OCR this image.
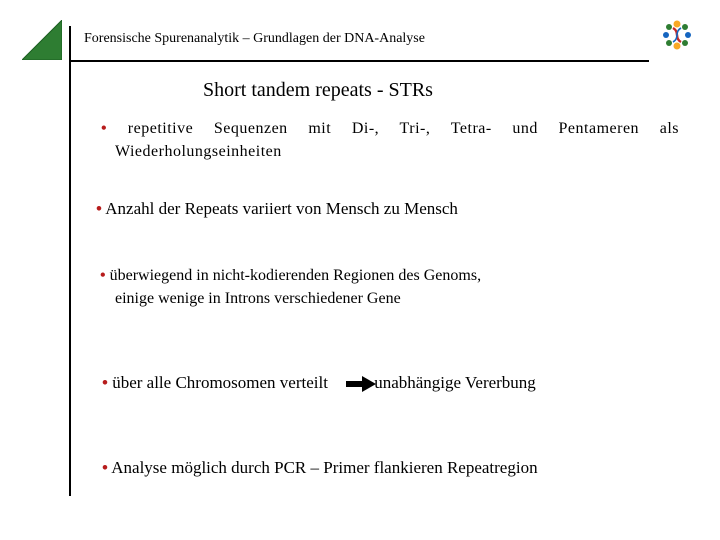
Forensische Spurenanalytik – Grundlagen der DNA-Analyse
Short tandem repeats - STRs
• repetitive Sequenzen mit Di-, Tri-, Tetra- und Pentameren als
Wiederholungseinheiten
• Anzahl der Repeats variiert von Mensch zu Mensch
• überwiegend in nicht-kodierenden Regionen des Genoms,
einige wenige in Introns verschiedener Gene
• über alle Chromosomen verteilt	unabhängige Vererbung
• Analyse möglich durch PCR – Primer flankieren Repeatregion
